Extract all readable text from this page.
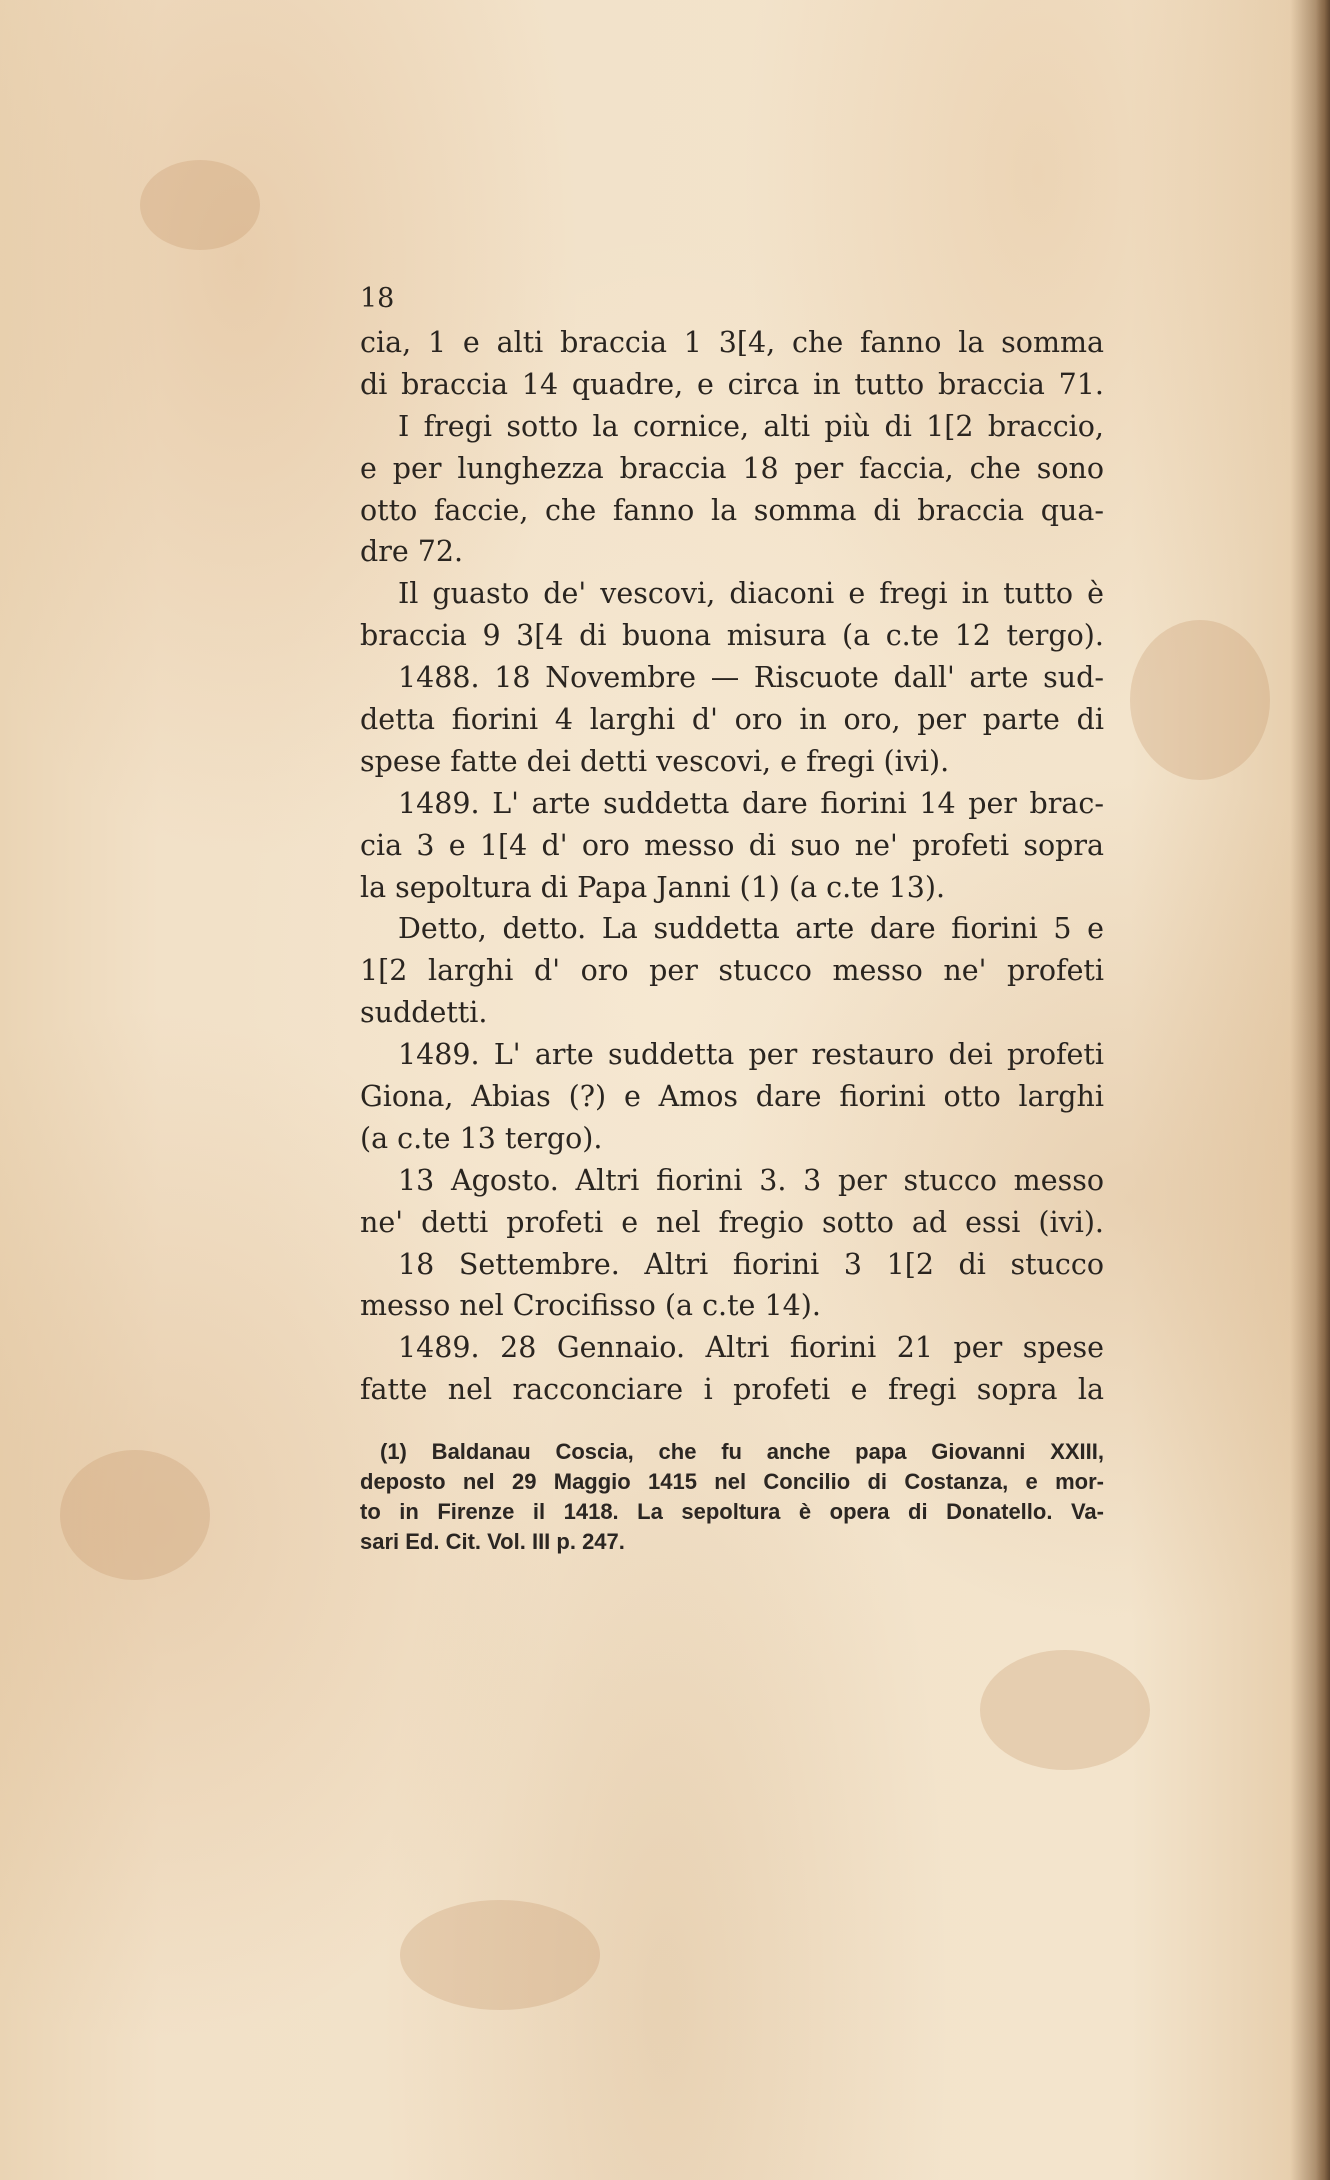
18
cia, 1 e alti braccia 1 3[4, che fanno la somma
di braccia 14 quadre, e circa in tutto braccia 71.
I fregi sotto la cornice, alti più di 1[2 braccio,
e per lunghezza braccia 18 per faccia, che sono
otto faccie, che fanno la somma di braccia qua-
dre 72.
Il guasto de' vescovi, diaconi e fregi in tutto è
braccia 9 3[4 di buona misura (a c.te 12 tergo).
1488. 18 Novembre — Riscuote dall' arte sud-
detta fiorini 4 larghi d' oro in oro, per parte di
spese fatte dei detti vescovi, e fregi (ivi).
1489. L' arte suddetta dare fiorini 14 per brac-
cia 3 e 1[4 d' oro messo di suo ne' profeti sopra
la sepoltura di Papa Janni (1) (a c.te 13).
Detto, detto. La suddetta arte dare fiorini 5 e
1[2 larghi d' oro per stucco messo ne' profeti
suddetti.
1489. L' arte suddetta per restauro dei profeti
Giona, Abias (?) e Amos dare fiorini otto larghi
(a c.te 13 tergo).
13 Agosto. Altri fiorini 3. 3 per stucco messo
ne' detti profeti e nel fregio sotto ad essi (ivi).
18 Settembre. Altri fiorini 3 1[2 di stucco
messo nel Crocifisso (a c.te 14).
1489. 28 Gennaio. Altri fiorini 21 per spese
fatte nel racconciare i profeti e fregi sopra la
(1) Baldanau Coscia, che fu anche papa Giovanni XXIII,
deposto nel 29 Maggio 1415 nel Concilio di Costanza, e mor-
to in Firenze il 1418. La sepoltura è opera di Donatello. Va-
sari Ed. Cit. Vol. III p. 247.
